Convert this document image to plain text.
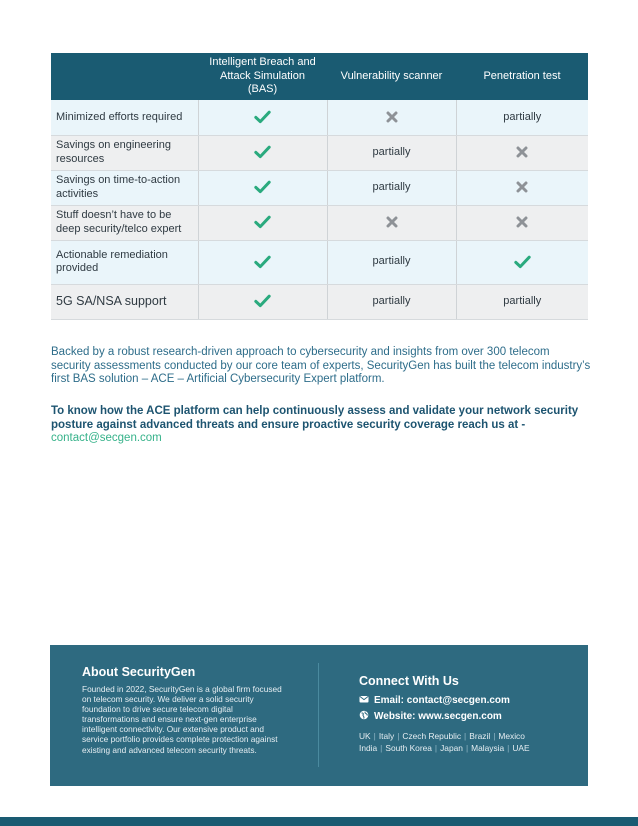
	Intelligent Breach and Attack Simulation (BAS)	Vulnerability scanner	Penetration test
Minimized efforts required			partially
Savings on engineering resources		partially	

Savings on time-to-action activities		partially	

Stuff doesn’t have to be deep security/telco expert	

Actionable remediation provided		partially	

5G SA/NSA support		partially	partially

Backed by a robust research-driven approach to cybersecurity and insights from over 300 telecom security assessments conducted by our core team of experts, SecurityGen has built the telecom industry’s first BAS solution – ACE – Artificial Cybersecurity Expert platform.

To know how the ACE platform can help continuously assess and validate your network security posture against advanced threats and ensure proactive security coverage reach us at -

contact@secgen.com
About SecurityGen
Founded in 2022, SecurityGen is a global firm focused on telecom security. We deliver a solid security foundation to drive secure telecom digital transformations and ensure next-gen enterprise intelligent connectivity. Our extensive product and service portfolio provides complete protection against existing and advanced telecom security threats.
Connect With Us
Email: contact@secgen.com
Website: www.secgen.com
UK | Italy | Czech Republic | Brazil | Mexico
India | South Korea | Japan | Malaysia | UAE
